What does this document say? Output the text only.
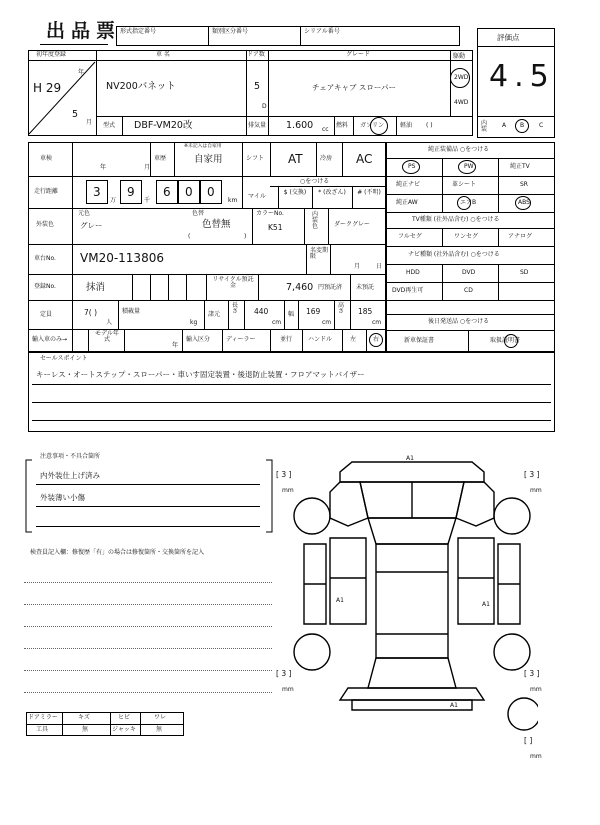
出品票
形式指定番号	類別区分番号	シリアル番号
評価点
4.5
初年度登録
H 29
年
5
月
車 名
NV200バネット
ドア数
5
D
グレード
チェアキャブ スローパー
駆動
2WD
4WD
型式 DBF-VM20改	排気量 1.600 cc
燃料 ガソリン	軽油 ( )	内装
A B C
車検
年	月
車歴
※未記入は自家用
自家用	シフト AT	冷房 AC
走行距離	3
万
9
千
6 0 0
km
○をつける
マイル
$ (交換)	* (改ざん)	# (不明)
外装色
元色
グレー
色替
色替無
(	)
カラーNo.
K51
内装色	ダークグレー
車台No. VM20-113806
名変期限
月	日
登録No.	抹消
リサイクル預託金	7,460 円預託済 未預託
定員	7( )
人
積載量
kg
諸元
長さ 440
cm
幅 169
cm
高さ 185
cm
輸入車のみ→
モデル年式
年
輸入区分	ディーラー	並行	ハンドル	左	右
純正装備品 ○をつける
PS	PW	純正TV
純正ナビ	革シート	SR
純正AW	エアB	ABS
TV種類 (社外品含む) ○をつける
フルセグ	ワンセグ	アナログ
ナビ種類 (社外品含む) ○をつける
HDD	DVD	SD
DVD再生可	CD
後日発送品 ○をつける
新車保証書	取扱説明書
セールスポイント
キーレス・オートステップ・スローパー・車いす固定装置・後退防止装置・フロアマットバイザー
注意事項・不具合箇所
内外装仕上げ済み
外装薄い小傷
検査員記入欄：修復歴「有」の場合は修復箇所・交換箇所を記入
ドアミラー	キズ	ヒビ	ワレ
工具	無	ジャッキ	無
A1
A1
A1
A1
[ 3 ]
mm
[ 3 ]
mm
[ 3 ]
mm
[ 3 ]
mm
[ ]
mm
